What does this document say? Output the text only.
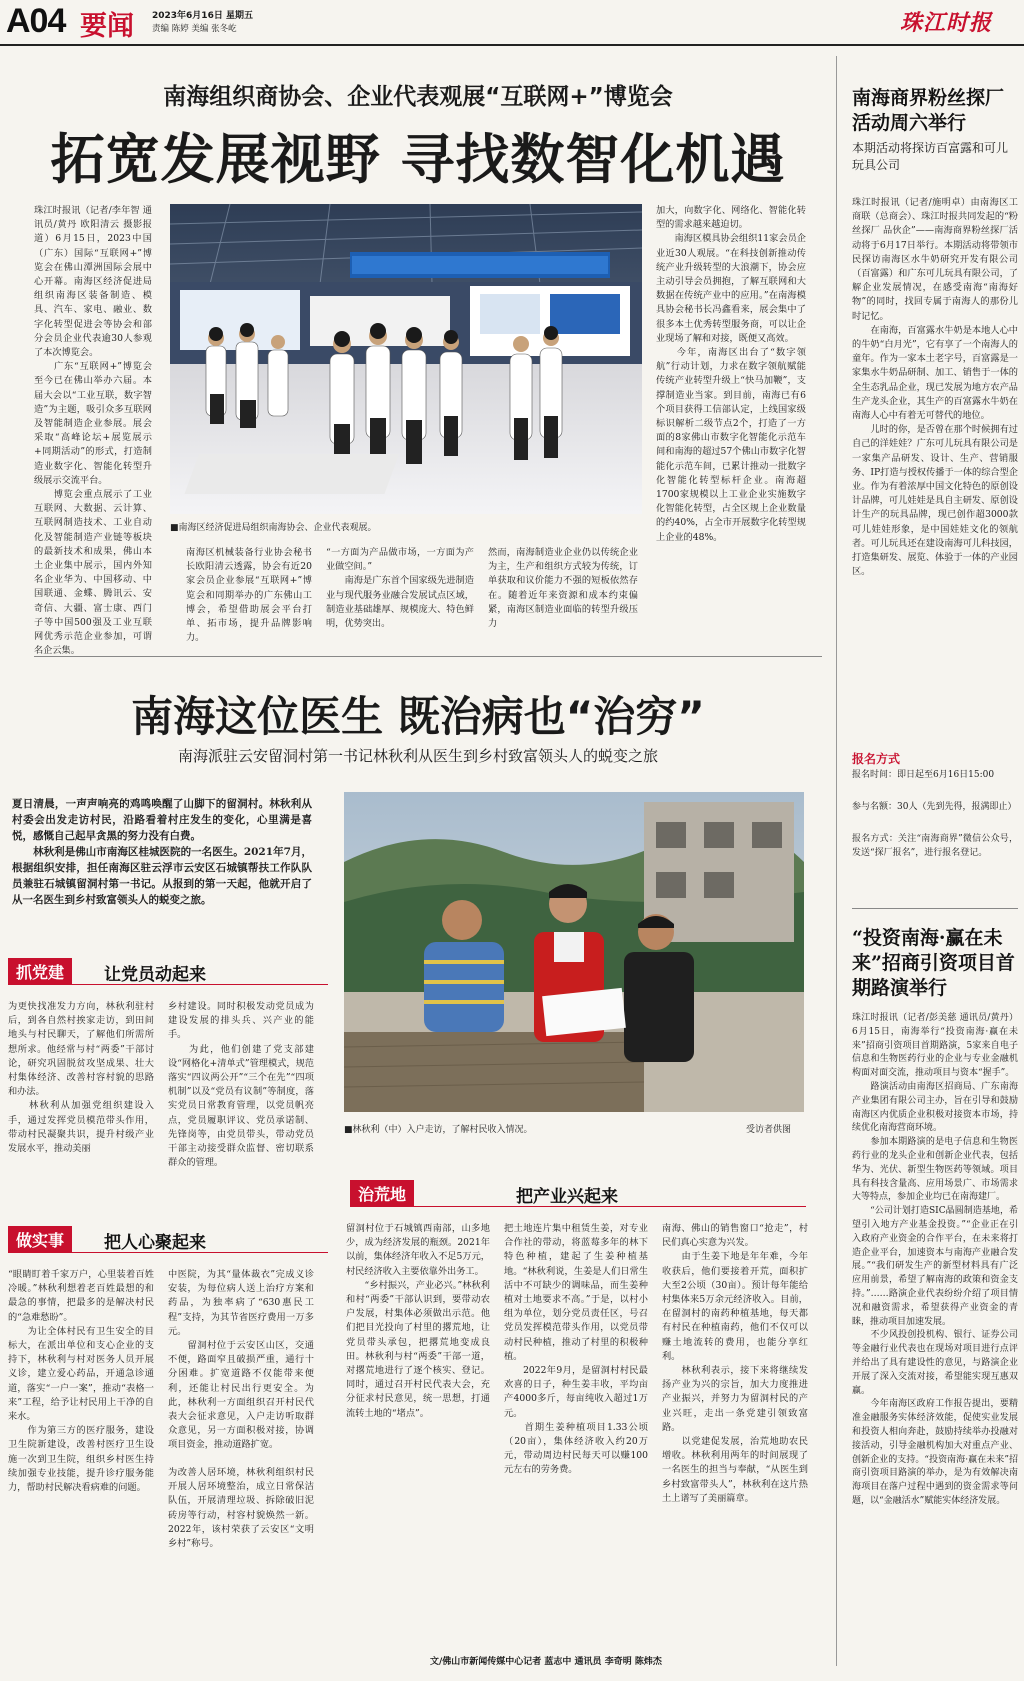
A04 要闻 2023年6月16日 星期五
责编 陈婷 美编 张冬屹	珠江时报
南海组织商协会、企业代表观展“互联网+”博览会
拓宽发展视野 寻找数智化机遇
珠江时报讯（记者/李年智 通讯员/黄丹 欧阳清云 摄影报道）6月15日，2023中国（广东）国际“互联网+”博览会在佛山潭洲国际会展中心开幕。南海区经济促进局组织南海区装备制造、模具、汽车、家电、融业、数字化转型促进会等协会和部分会员企业代表逾30人参观了本次博览会。
　　广东“互联网+”博览会至今已在佛山举办六届。本届大会以“工业互联，数字智造”为主题，吸引众多互联网及智能制造企业参展。展会采取“高峰论坛+展览展示+同期活动”的形式，打造制造业数字化、智能化转型升级展示交流平台。
　　博览会重点展示了工业互联网、大数据、云计算、互联网制造技术、工业自动化及智能制造产业链等板块的最新技术和成果，佛山本土企业集中展示，国内外知名企业华为、中国移动、中国联通、金蝶、腾讯云、安奇信、大疆、富士康、西门子等中国500强及工业互联网优秀示范企业参加，可谓名企云集。
■南海区经济促进局组织南海协会、企业代表观展。
南海区机械装备行业协会秘书长欧阳清云透露，协会有近20家会员企业参展“互联网+”博览会和同期举办的广东佛山工博会，希望借助展会平台打单、拓市场，提升品牌影响力。
“一方面为产品做市场，一方面为产业做空间。”
　　南海是广东首个国家级先进制造业与现代服务业融合发展试点区域，制造业基础雄厚、规模庞大、特色鲜明，优势突出。
然而，南海制造业企业仍以传统企业为主，生产和组织方式较为传统，订单获取和议价能力不强的短板依然存在。随着近年来资源和成本约束偏紧，南海区制造业面临的转型升级压力
加大，向数字化、网络化、智能化转型的需求越来越迫切。
　　南海区模具协会组织11家会员企业近30人观展。“在科技创新推动传统产业升级转型的大浪潮下，协会应主动引导会员拥抱，了解互联网和大数据在传统产业中的应用。”在南海模具协会秘书长冯鑫看来，展会集中了很多本土优秀转型服务商，可以让企业现场了解和对接，既便又高效。
　　今年，南海区出台了“数字领航”行动计划，力求在数字领航赋能传统产业转型升级上“快马加鞭”，支撑制造业当家。到目前，南海已有6个项目获得工信部认定，上线国家级标识解析二级节点2个，打造了一方面的8家佛山市数字化智能化示范车间和南海的超过57个佛山市数字化智能化示范车间，已累计推动一批数字化智能化转型标杆企业。南海超1700家规模以上工业企业实施数字化智能化转型，占全区规上企业数量的约40%，占全市开展数字化转型规上企业的48%。
南海这位医生 既治病也“治穷”
南海派驻云安留洞村第一书记林秋利从医生到乡村致富领头人的蜕变之旅
夏日清晨，一声声响亮的鸡鸣唤醒了山脚下的留洞村。林秋利从村委会出发走访村民，沿路看着村庄发生的变化，心里满是喜悦，感慨自己起早贪黑的努力没有白费。
　　林秋利是佛山市南海区桂城医院的一名医生。2021年7月，根据组织安排，担任南海区驻云浮市云安区石城镇帮扶工作队队员兼驻石城镇留洞村第一书记。从报到的第一天起，他就开启了从一名医生到乡村致富领头人的蜕变之旅。
■林秋利（中）入户走访，了解村民收入情况。	受访者供图
抓党建	让党员动起来
为更快找准发力方向，林秋利驻村后，到各自然村挨家走访，到田间地头与村民聊天，了解他们所需所想所求。他经常与村“两委”干部讨论，研究巩固脱贫攻坚成果、壮大村集体经济、改善村容村貌的思路和办法。
　　林秋利从加强党组织建设入手，通过发挥党员模范带头作用，带动村民凝聚共识，提升村级产业发展水平，推动美丽
乡村建设。同时积极发动党员成为建设发展的排头兵、兴产业的能手。
　　为此，他们创建了党支部建设“网格化+清单式”管理模式，规范落实“四议两公开”“三个在先”“四项机制”以及“党员有议制”等制度，落实党员日常教育管理，以党员帆亮点，党员履职评议、党员承诺制、先锋岗等，由党员带头，带动党员干部主动接受群众监督、密切联系群众的管理。
做实事	把人心聚起来
“眼睛盯着千家万户，心里装着百姓冷暖。”林秋利想着老百姓最想的和最急的事情，把最多的是解决村民的“急难愁盼”。
　　为让全体村民有卫生安全的目标大，在派出单位和支心企业的支持下，林秋利与村对医务人员开展义诊，建立爱心药品，开通急诊通道，落实“一户一案”，推动“表格一来”工程，给予让村民用上干净的自来水。
　　作为第三方的医疗服务，建设卫生院新建设，改善村医疗卫生设施一次到卫生院，组织乡村医生持续加强专业技能，提升诊疗服务能力，帮助村民解决看病难的问题。
中医院，为其“量体裁衣”完成义诊安装，为每位病人送上治疗方案和药品，为独率病了“630惠民工程”支持，为其节省医疗费用一万多元。
　　留洞村位于云安区山区，交通不便，路面窄且破损严重，通行十分困难。扩宽道路不仅能带来便利，还能让村民出行更安全。为此，林秋利一方面组织召开村民代表大会征求意见，入户走访听取群众意见，另一方面积极对接，协调项目资金，推动道路扩宽。
为改善人居环境，林秋利组织村民开展人居环境整治，成立日常保洁队伍，开展清理垃圾、拆除破旧泥砖房等行动，村容村貌焕然一新。2022年，该村荣获了云安区“文明乡村”称号。
治荒地	把产业兴起来
留洞村位于石城镇西南部，山多地少，成为经济发展的瓶颈。2021年以前，集体经济年收入不足5万元，村民经济收入主要依靠外出务工。
　　“乡村振兴，产业必兴。”林秋利和村“两委”干部认识到，要带动农户发展，村集体必须做出示范。他们把目光投向了村里的撂荒地，让党员带头承包，把撂荒地变成良田。林秋利与村“两委”干部一道，对撂荒地进行了逐个核实、登记。同时，通过召开村民代表大会，充分征求村民意见，统一思想，打通流转土地的“堵点”。
把土地连片集中租赁生姜，对专业合作社的带动，将蓝莓多年的林下特色种植，建起了生姜种植基地。“林秋利说，生姜是人们日常生活中不可缺少的调味品，而生姜种植对土地要求不高。”于是，以村小组为单位，划分党员责任区，号召党员发挥模范带头作用，以党员带动村民种植，推动了村里的积极种植。
　　2022年9月，是留洞村村民最欢喜的日子，种生姜丰收，平均亩产4000多斤，每亩纯收入超过1万元。
　　首期生姜种植项目1.33公顷（20亩），集体经济收入约20万元，带动周边村民每天可以赚100元左右的劳务费。
南海、佛山的销售窗口“抢走”，村民们真心实意为兴发。
　　由于生姜下地是年年难，今年收获后，他们要接着开荒，面积扩大至2公顷（30亩）。预计每年能给村集体来5万余元经济收入。目前，在留洞村的南药种植基地，每天都有村民在种植南药，他们不仅可以赚土地流转的费用，也能分享红利。
　　林秋利表示，接下来将继续发扬产业为兴的宗旨，加大力度推进产业振兴，并努力为留洞村民的产业兴旺，走出一条党建引领致富路。
　　以党建促发展，治荒地助农民增收。林秋利用两年的时间展现了一名医生的担当与奉献，“从医生到乡村致富带头人”，林秋利在这片热土上谱写了美丽篇章。
文/佛山市新闻传媒中心记者 蓝志中 通讯员 李奇明 陈炜杰
南海商界粉丝探厂活动周六举行
本期活动将探访百富露和可儿玩具公司
珠江时报讯（记者/施明卓）由南海区工商联（总商会）、珠江时报共同发起的“粉丝探厂 品伙企”——南海商界粉丝探厂活动将于6月17日举行。本期活动将带领市民探访南海区水牛奶研究开发有限公司（百富露）和广东可儿玩具有限公司，了解企业发展情况，在感受南海“南海好物”的同时，找回专属于南海人的那份儿时记忆。
　　在南海，百富露水牛奶是本地人心中的牛奶“白月光”，它有享了一个南海人的童年。作为一家本土老字号，百富露是一家集水牛奶品研制、加工、销售于一体的全生态乳品企业，现已发展为地方农产品生产龙头企业，其生产的百富露水牛奶在南海人心中有着无可替代的地位。
　　儿时的你，是否曾在那个时候拥有过自己的洋娃娃？广东可儿玩具有限公司是一家集产品研发、设计、生产、营销服务、IP打造与授权传播于一体的综合型企业。作为有着浓厚中国文化特色的原创设计品牌，可儿娃娃是具自主研发、原创设计生产的玩具品牌，现已创作超3000款可儿娃娃形象，是中国娃娃文化的领航者。可儿玩具还在建设南海可儿科技园，打造集研发、展览、体验于一体的产业园区。
报名方式
报名时间：即日起至6月16日15:00
参与名额：30人（先到先得，报满即止）
报名方式：关注“南海商界”微信公众号，发送“探厂报名”，进行报名登记。
“投资南海·赢在未来”招商引资项目首期路演举行
珠江时报讯（记者/彭美慈 通讯员/黄丹）6月15日，南海举行“投资南海·赢在未来”招商引资项目首期路演，5家来自电子信息和生物医药行业的企业与专业金融机构面对面交流，推动项目与资本“握手”。
　　路演活动由南海区招商局、广东南海产业集团有限公司主办，旨在引导和鼓励南海区内优质企业积极对接资本市场，持续优化南海营商环境。
　　参加本期路演的是电子信息和生物医药行业的龙头企业和创新企业代表，包括华为、光伏、新型生物医药等领域。项目具有科技含量高、应用场景广、市场需求大等特点，参加企业均已在南海建厂。
　　“公司计划打造SIC晶圆制造基地，希望引入地方产业基金投资。”“企业正在引入政府产业资金的合作平台，在未来将打造企业平台，加速资本与南海产业融合发展。”“我们研发生产的新型材料具有广泛应用前景，希望了解南海的政策和资金支持。”……路演企业代表纷纷介绍了项目情况和融资需求，希望获得产业资金的青睐，推动项目加速发展。
　　不少风投创投机构、银行、证券公司等金融行业代表也在现场对项目进行点评并给出了具有建设性的意见，与路演企业开展了深入交流对接，希望能实现互惠双赢。
　　今年南海区政府工作报告提出，要精准金融服务实体经济效能，促使实业发展和投资人相向奔赴，鼓励持续举办投融对接活动，引导金融机构加大对重点产业、创新企业的支持。“投资南海·赢在未来”招商引资项目路演的举办，是为有效解决南海项目在落户过程中遇到的资金需求等问题，以“金融活水”赋能实体经济发展。
